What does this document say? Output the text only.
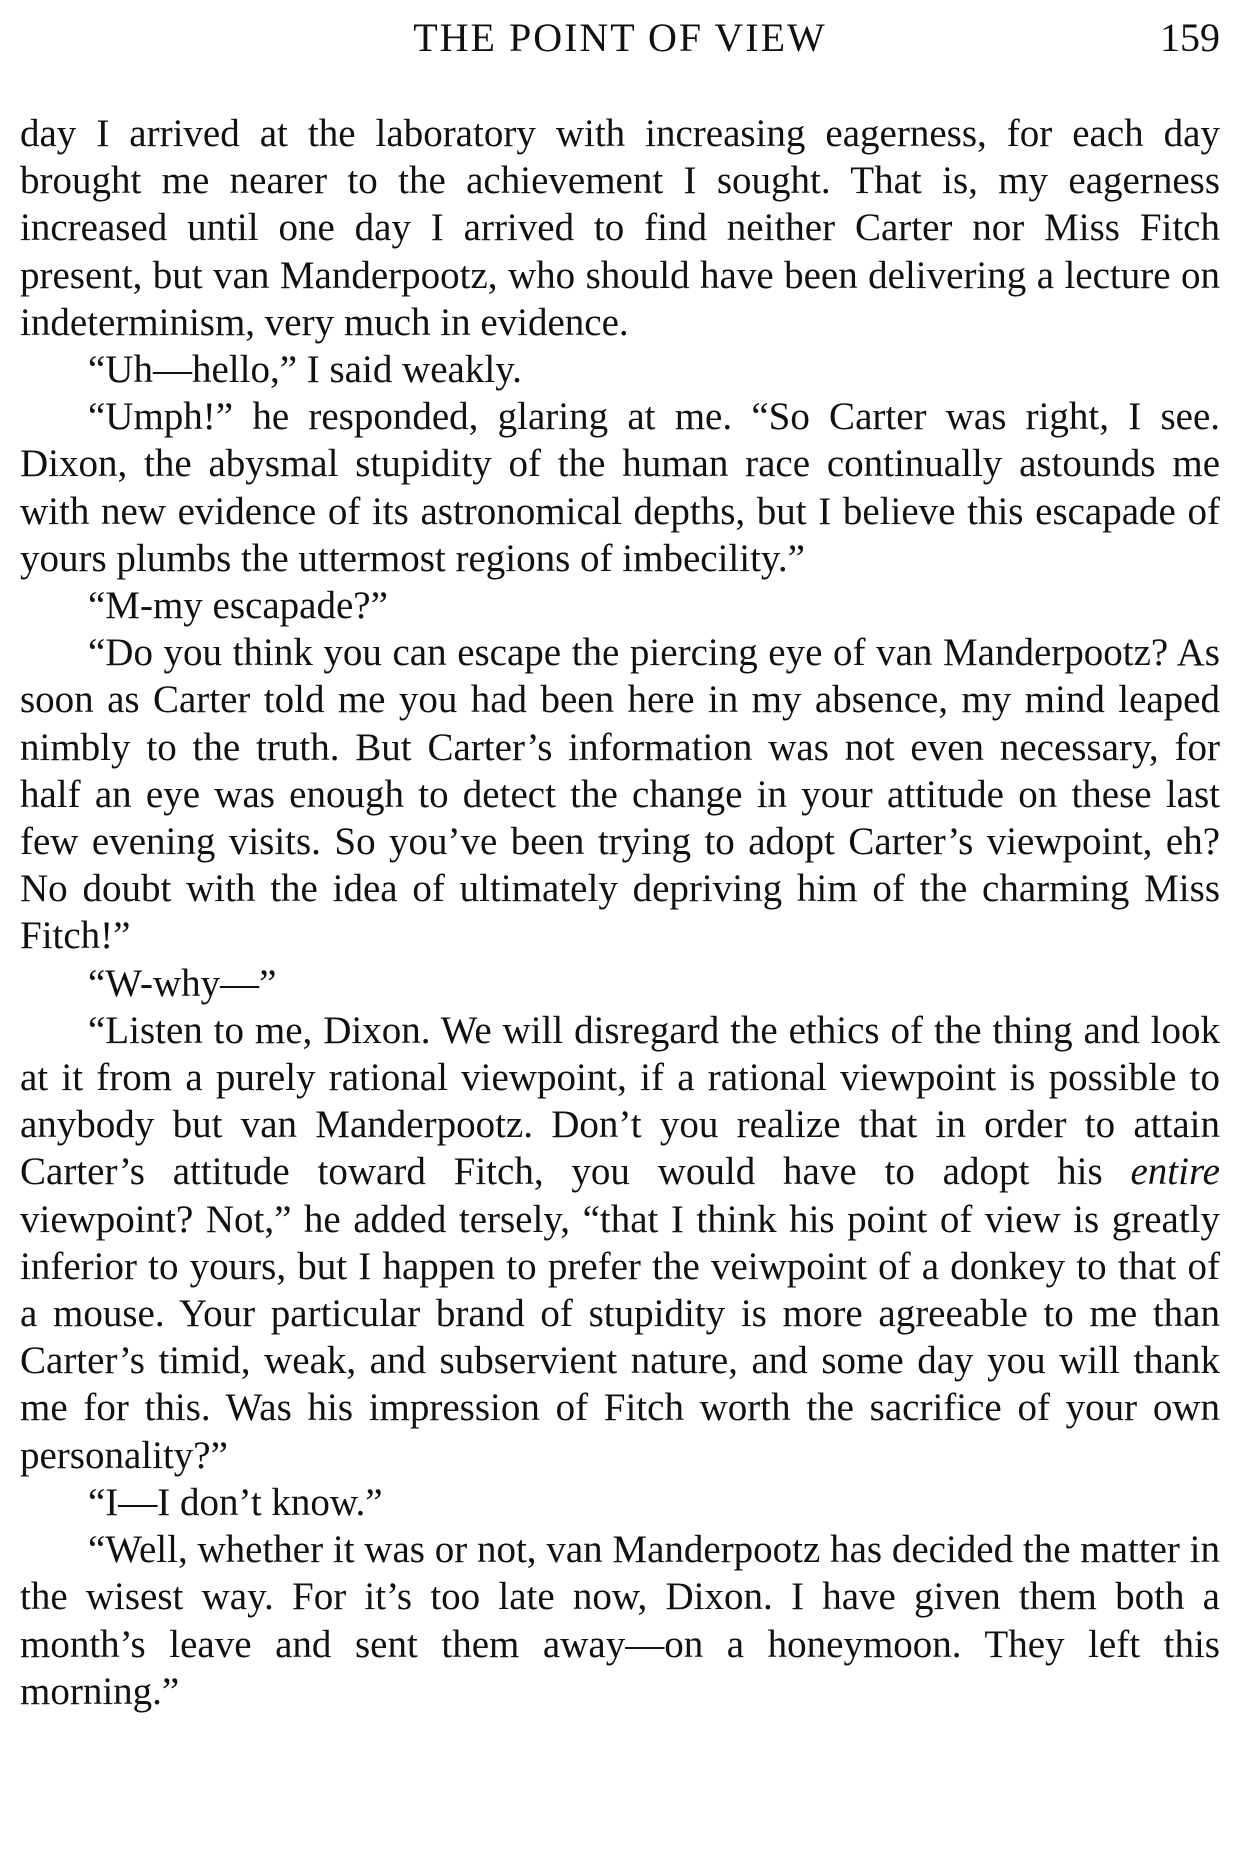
THE POINT OF VIEW	159

day I arrived at the laboratory with increasing eagerness, for each day brought me nearer to the achievement I sought. That is, my eagerness increased until one day I arrived to find neither Carter nor Miss Fitch present, but van Manderpootz, who should have been delivering a lecture on indeterminism, very much in evidence.

“Uh—hello,” I said weakly.

“Umph!” he responded, glaring at me. “So Carter was right, I see. Dixon, the abysmal stupidity of the human race continually astounds me with new evidence of its astronomical depths, but I believe this escapade of yours plumbs the uttermost regions of imbecility.”

“M-my escapade?”

“Do you think you can escape the piercing eye of van Manderpootz? As soon as Carter told me you had been here in my absence, my mind leaped nimbly to the truth. But Carter’s information was not even necessary, for half an eye was enough to detect the change in your attitude on these last few evening visits. So you’ve been trying to adopt Carter’s viewpoint, eh? No doubt with the idea of ultimately depriving him of the charming Miss Fitch!”

“W-why—”

“Listen to me, Dixon. We will disregard the ethics of the thing and look at it from a purely rational viewpoint, if a rational viewpoint is possible to anybody but van Manderpootz. Don’t you realize that in order to attain Carter’s attitude toward Fitch, you would have to adopt his entire viewpoint? Not,” he added tersely, “that I think his point of view is greatly inferior to yours, but I happen to prefer the veiwpoint of a donkey to that of a mouse. Your particular brand of stupidity is more agreeable to me than Carter’s timid, weak, and subservient nature, and some day you will thank me for this. Was his impression of Fitch worth the sacrifice of your own personality?”

“I—I don’t know.”

“Well, whether it was or not, van Manderpootz has decided the matter in the wisest way. For it’s too late now, Dixon. I have given them both a month’s leave and sent them away—on a honeymoon. They left this morning.”
